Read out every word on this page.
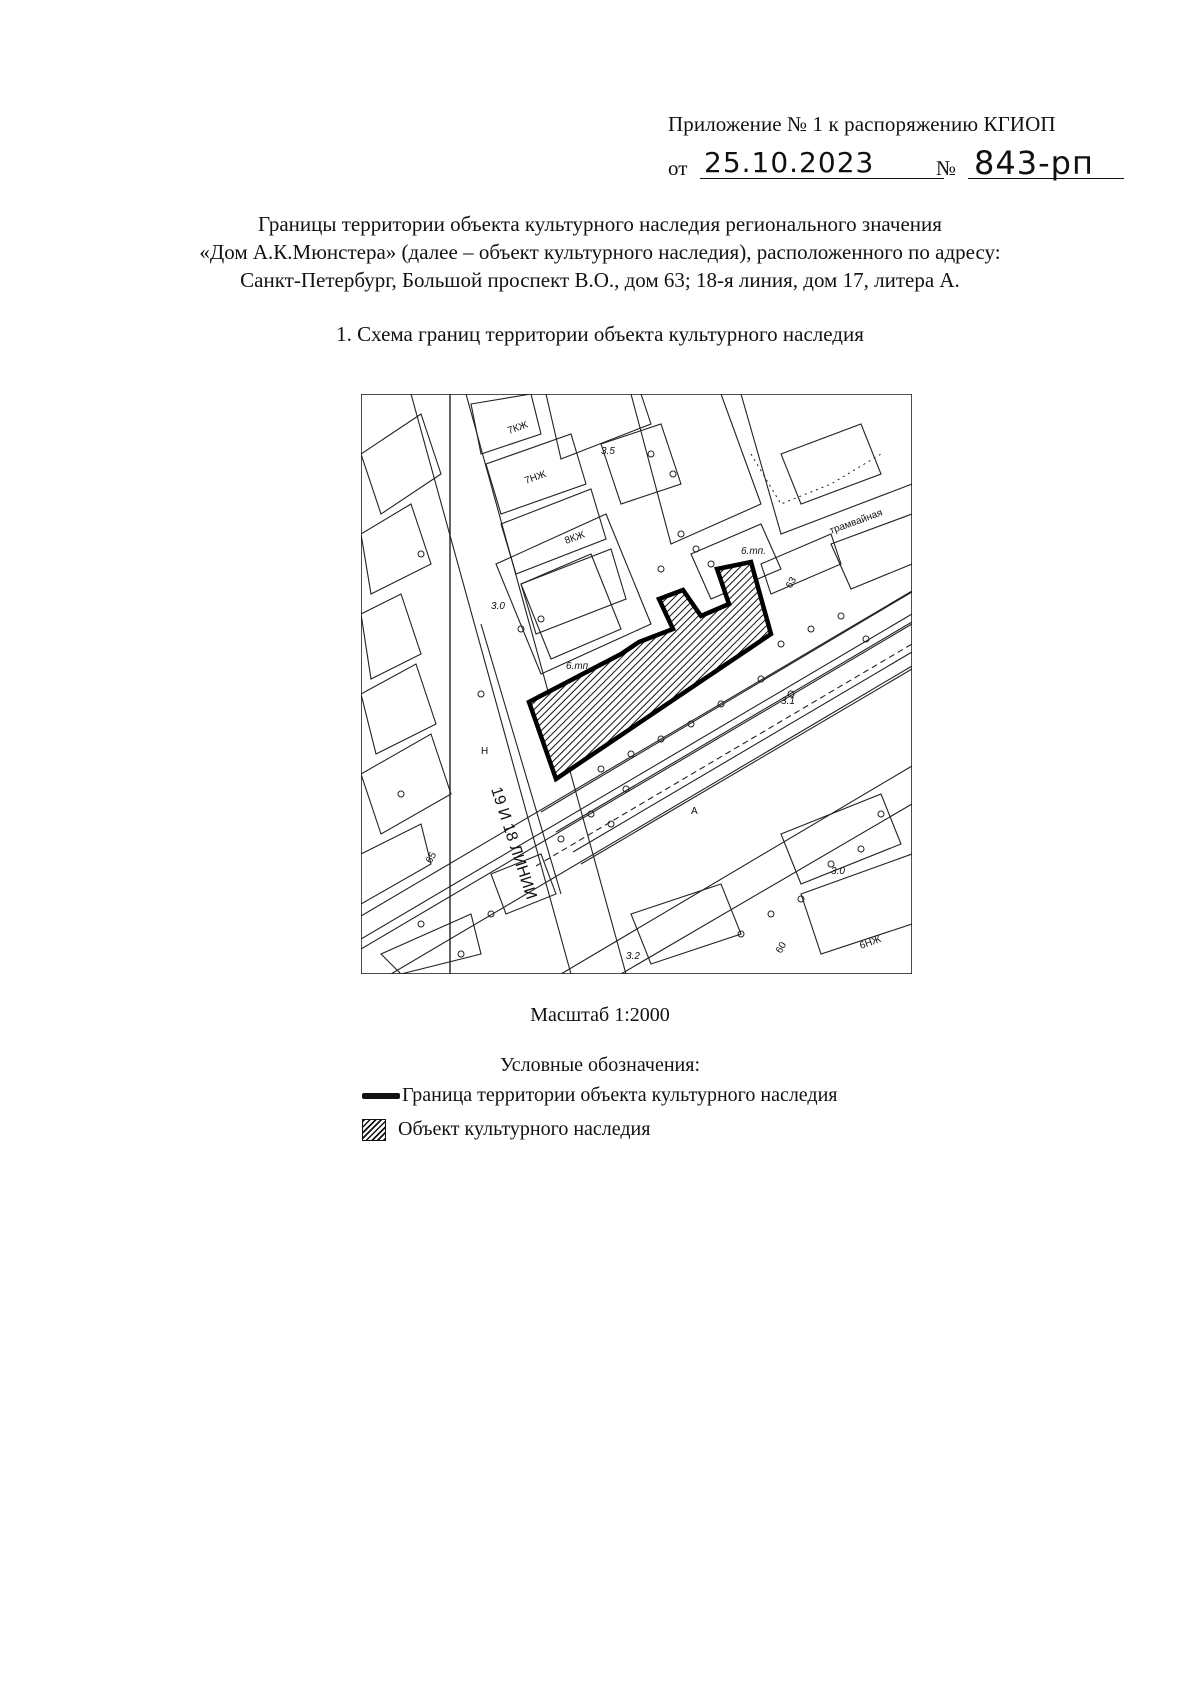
Приложение № 1 к распоряжению КГИОП
от 25.10.2023	№ 843-рп
Границы территории объекта культурного наследия регионального значения
«Дом А.К.Мюнстера» (далее – объект культурного наследия), расположенного по адресу:
Санкт-Петербург, Большой проспект В.О., дом 63; 18-я линия, дом 17, литера А.
1. Схема границ территории объекта культурного наследия
7КЖ
7НЖ
8КЖ
3.5
3.0
3.1
3.2
3.0
6.тп.
6.тп.
19 И 18 ЛИНИИ
трамвайная
А
Н
65
60
63
6НЖ
Масштаб 1:2000
Условные обозначения:
Граница территории объекта культурного наследия
Объект культурного наследия
